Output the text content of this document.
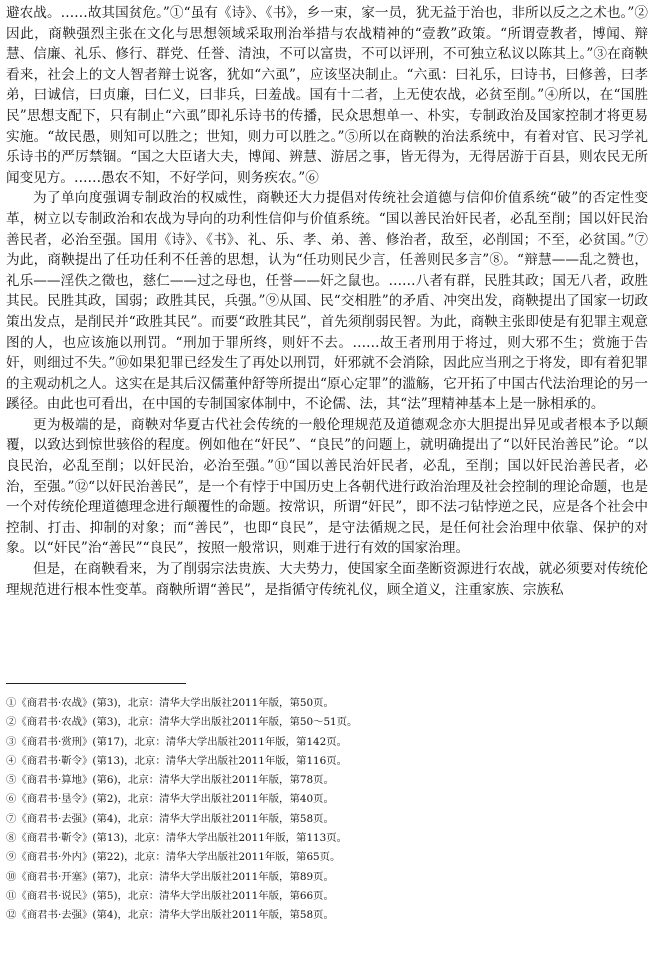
避农战。……故其国贫危。”①“虽有《诗》、《书》，乡一束，家一员，犹无益于治也，非所以反之之术也。”②因此，商鞅强烈主张在文化与思想领域采取刑治举措与农战精神的“壹教”政策。“所谓壹教者，博闻、辩慧、信廉、礼乐、修行、群党、任誉、清浊，不可以富贵，不可以评刑，不可独立私议以陈其上。”③在商鞅看来，社会上的文人智者辩士说客，犹如“六虱”，应该坚决制止。“六虱：曰礼乐，曰诗书，曰修善，曰孝弟，曰诚信，曰贞廉，曰仁义，曰非兵，曰羞战。国有十二者，上无使农战，必贫至削。”④所以，在“国胜民”思想支配下，只有制止“六虱”即礼乐诗书的传播，民众思想单一、朴实，专制政治及国家控制才将更易实施。“故民愚，则知可以胜之；世知，则力可以胜之。”⑤所以在商鞅的治法系统中，有着对官、民习学礼乐诗书的严厉禁锢。“国之大臣诸大夫，博闻、辨慧、游居之事，皆无得为，无得居游于百县，则农民无所闻变见方。……愚农不知，不好学问，则务疾农。”⑥

为了单向度强调专制政治的权威性，商鞅还大力提倡对传统社会道德与信仰价值系统“破”的否定性变革，树立以专制政治和农战为导向的功利性信仰与价值系统。“国以善民治奸民者，必乱至削；国以奸民治善民者，必治至强。国用《诗》、《书》、礼、乐、孝、弟、善、修治者，敌至，必削国；不至，必贫国。”⑦为此，商鞅提出了任功任利不任善的思想，认为“任功则民少言，任善则民多言”⑧。“辩慧——乱之赞也，礼乐——淫佚之徵也，慈仁——过之母也，任誉——奸之鼠也。……八者有群，民胜其政；国无八者，政胜其民。民胜其政，国弱；政胜其民，兵强。”⑨从国、民“交相胜”的矛盾、冲突出发，商鞅提出了国家一切政策出发点，是削民并“政胜其民”。而要“政胜其民”，首先须削弱民智。为此，商鞅主张即使是有犯罪主观意图的人，也应该施以刑罚。“刑加于罪所终，则奸不去。……故王者刑用于将过，则大邪不生；赏施于告奸，则细过不失。”⑩如果犯罪已经发生了再处以刑罚，奸邪就不会消除，因此应当刑之于将发，即有着犯罪的主观动机之人。这实在是其后汉儒董仲舒等所提出“原心定罪”的滥觞，它开拓了中国古代法治理论的另一蹊径。由此也可看出，在中国的专制国家体制中，不论儒、法，其“法”理精神基本上是一脉相承的。

更为极端的是，商鞅对华夏古代社会传统的一般伦理规范及道德观念亦大胆提出异见或者根本予以颠覆，以致达到惊世骇俗的程度。例如他在“奸民”、“良民”的问题上，就明确提出了“以奸民治善民”论。“以良民治，必乱至削；以奸民治，必治至强。”⑪“国以善民治奸民者，必乱，至削；国以奸民治善民者，必治，至强。”⑫“以奸民治善民”，是一个有悖于中国历史上各朝代进行政治治理及社会控制的理论命题，也是一个对传统伦理道德理念进行颠覆性的命题。按常识，所谓“奸民”，即不法刁钻悖逆之民，应是各个社会中控制、打击、抑制的对象；而“善民”，也即“良民”，是守法循规之民，是任何社会治理中依靠、保护的对象。以“奸民”治“善民”“良民”，按照一般常识，则难于进行有效的国家治理。

但是，在商鞅看来，为了削弱宗法贵族、大夫势力，使国家全面垄断资源进行农战，就必须要对传统伦理规范进行根本性变革。商鞅所谓“善民”，是指循守传统礼仪，顾全道义，注重家族、宗族私

①《商君书·农战》(第3)，北京：清华大学出版社2011年版，第50页。

②《商君书·农战》(第3)，北京：清华大学出版社2011年版，第50～51页。

③《商君书·赏刑》(第17)，北京：清华大学出版社2011年版，第142页。

④《商君书·靳令》(第13)，北京：清华大学出版社2011年版，第116页。

⑤《商君书·算地》(第6)，北京：清华大学出版社2011年版，第78页。

⑥《商君书·垦令》(第2)，北京：清华大学出版社2011年版，第40页。

⑦《商君书·去强》(第4)，北京：清华大学出版社2011年版，第58页。

⑧《商君书·靳令》(第13)，北京：清华大学出版社2011年版，第113页。

⑨《商君书·外内》(第22)，北京：清华大学出版社2011年版，第65页。

⑩《商君书·开塞》(第7)，北京：清华大学出版社2011年版，第89页。

⑪《商君书·说民》(第5)，北京：清华大学出版社2011年版，第66页。

⑫《商君书·去强》(第4)，北京：清华大学出版社2011年版，第58页。
